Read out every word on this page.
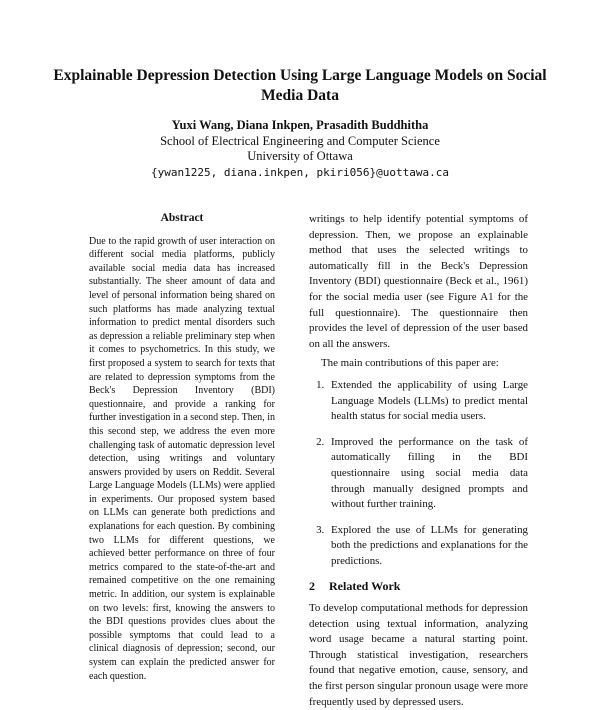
Explainable Depression Detection Using Large Language Models on Social Media Data
Yuxi Wang, Diana Inkpen, Prasadith Buddhitha
School of Electrical Engineering and Computer Science
University of Ottawa
{ywan1225, diana.inkpen, pkiri056}@uottawa.ca
Abstract

Due to the rapid growth of user interaction on different social media platforms, publicly available social media data has increased substantially. The sheer amount of data and level of personal information being shared on such platforms has made analyzing textual information to predict mental disorders such as depression a reliable preliminary step when it comes to psychometrics. In this study, we first proposed a system to search for texts that are related to depression symptoms from the Beck's Depression Inventory (BDI) questionnaire, and provide a ranking for further investigation in a second step. Then, in this second step, we address the even more challenging task of automatic depression level detection, using writings and voluntary answers provided by users on Reddit. Several Large Language Models (LLMs) were applied in experiments. Our proposed system based on LLMs can generate both predictions and explanations for each question. By combining two LLMs for different questions, we achieved better performance on three of four metrics compared to the state-of-the-art and remained competitive on the one remaining metric. In addition, our system is explainable on two levels: first, knowing the answers to the BDI questions provides clues about the possible symptoms that could lead to a clinical diagnosis of depression; second, our system can explain the predicted answer for each question.

writings to help identify potential symptoms of depression. Then, we propose an explainable method that uses the selected writings to automatically fill in the Beck's Depression Inventory (BDI) questionnaire (Beck et al., 1961) for the social media user (see Figure A1 for the full questionnaire). The questionnaire then provides the level of depression of the user based on all the answers.

The main contributions of this paper are:

1. Extended the applicability of using Large Language Models (LLMs) to predict mental health status for social media users.
2. Improved the performance on the task of automatically filling in the BDI questionnaire using social media data through manually designed prompts and without further training.
3. Explored the use of LLMs for generating both the predictions and explanations for the predictions.
2 Related Work

To develop computational methods for depression detection using textual information, analyzing word usage became a natural starting point. Through statistical investigation, researchers found that negative emotion, cause, sensory, and the first person singular pronoun usage were more frequently used by depressed users.
